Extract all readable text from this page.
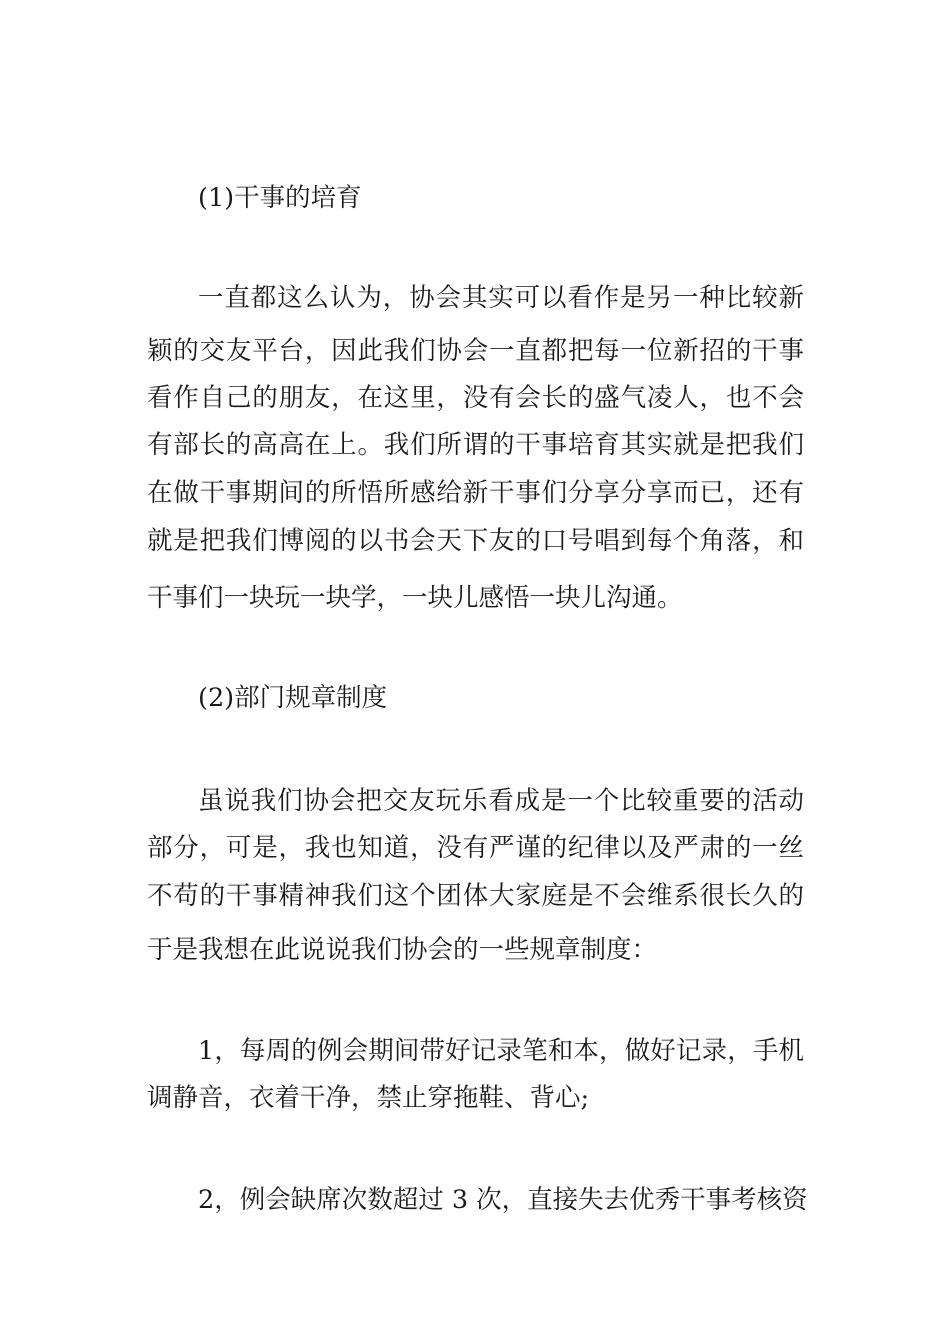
(1)干事的培育
一直都这么认为，协会其实可以看作是另一种比较新
颖的交友平台，因此我们协会一直都把每一位新招的干事
看作自己的朋友，在这里，没有会长的盛气凌人，也不会
有部长的高高在上。我们所谓的干事培育其实就是把我们
在做干事期间的所悟所感给新干事们分享分享而已，还有
就是把我们博阅的以书会天下友的口号唱到每个角落，和
干事们一块玩一块学，一块儿感悟一块儿沟通。
(2)部门规章制度
虽说我们协会把交友玩乐看成是一个比较重要的活动
部分，可是，我也知道，没有严谨的纪律以及严肃的一丝
不苟的干事精神我们这个团体大家庭是不会维系很长久的
于是我想在此说说我们协会的一些规章制度：
1，每周的例会期间带好记录笔和本，做好记录，手机
调静音，衣着干净，禁止穿拖鞋、背心;
2，例会缺席次数超过 3 次，直接失去优秀干事考核资
